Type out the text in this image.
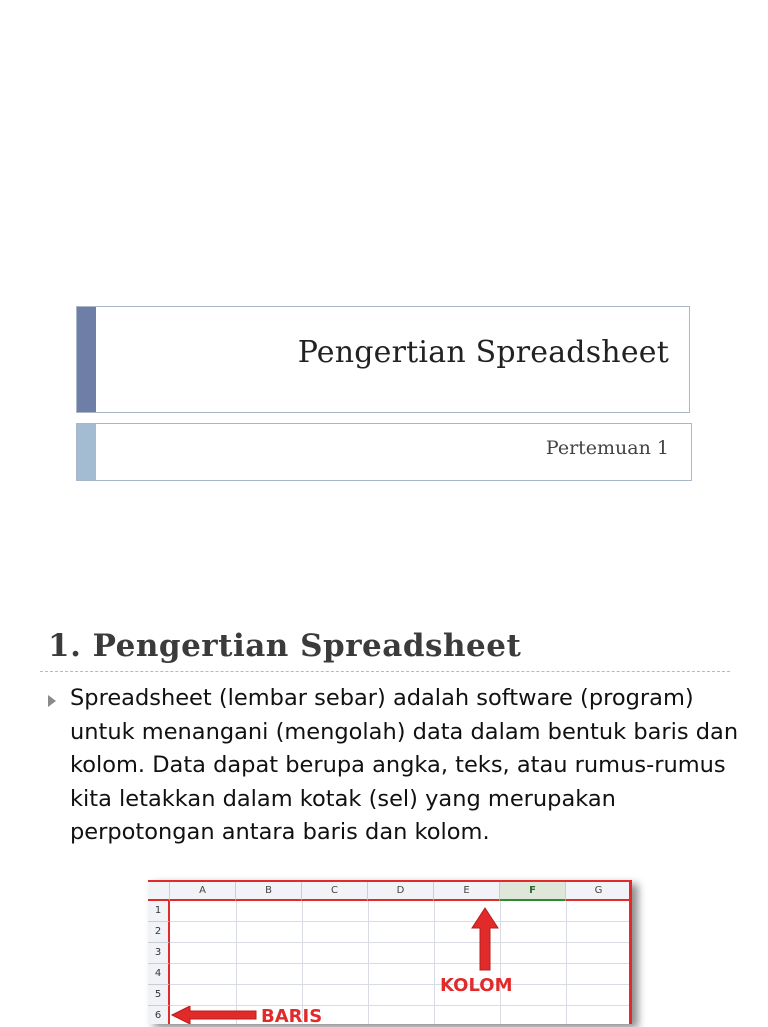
Pengertian Spreadsheet
Pertemuan 1
1. Pengertian Spreadsheet
Spreadsheet (lembar sebar) adalah software (program)
untuk menangani (mengolah) data dalam bentuk baris dan
kolom. Data dapat berupa angka, teks, atau rumus-rumus
kita letakkan dalam kotak (sel) yang merupakan
perpotongan antara baris dan kolom.
A	B	C	D	E	F	G
1
2
3
4
5
6
KOLOM
BARIS
